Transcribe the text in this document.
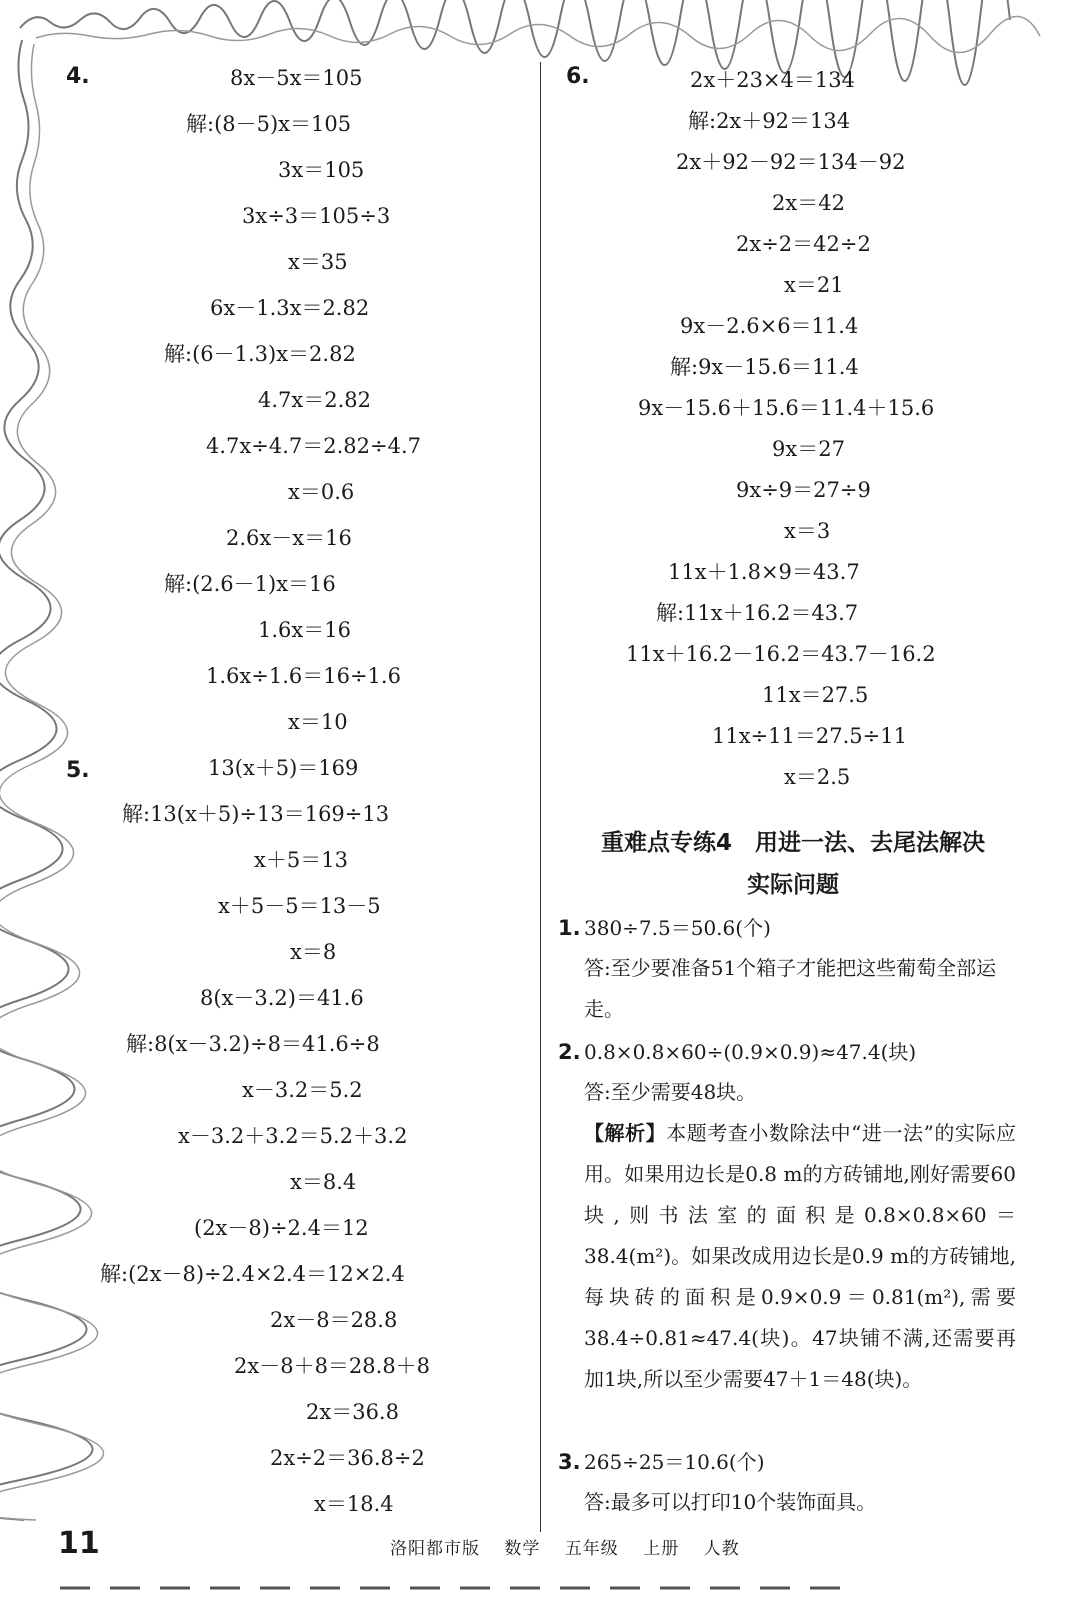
4.	8x－5x＝105
解:(8－5)x＝105
3x＝105
3x÷3＝105÷3
x＝35
6x－1.3x＝2.82
解:(6－1.3)x＝2.82
4.7x＝2.82
4.7x÷4.7＝2.82÷4.7
x＝0.6
2.6x－x＝16
解:(2.6－1)x＝16
1.6x＝16
1.6x÷1.6＝16÷1.6
x＝10
5.	13(x＋5)＝169
解:13(x＋5)÷13＝169÷13
x＋5＝13
x＋5－5＝13－5
x＝8
8(x－3.2)＝41.6
解:8(x－3.2)÷8＝41.6÷8
x－3.2＝5.2
x－3.2＋3.2＝5.2＋3.2
x＝8.4
(2x－8)÷2.4＝12
解:(2x－8)÷2.4×2.4＝12×2.4
2x－8＝28.8
2x－8＋8＝28.8＋8
2x＝36.8
2x÷2＝36.8÷2
x＝18.4
6.	2x＋23×4＝134
解:2x＋92＝134
2x＋92－92＝134－92
2x＝42
2x÷2＝42÷2
x＝21
9x－2.6×6＝11.4
解:9x－15.6＝11.4
9x－15.6＋15.6＝11.4＋15.6
9x＝27
9x÷9＝27÷9
x＝3
11x＋1.8×9＝43.7
解:11x＋16.2＝43.7
11x＋16.2－16.2＝43.7－16.2
11x＝27.5
11x÷11＝27.5÷11
x＝2.5
重难点专练4　用进一法、去尾法解决
实际问题
1. 380÷7.5＝50.6(个)
答:至少要准备51个箱子才能把这些葡萄全部运走。
2. 0.8×0.8×60÷(0.9×0.9)≈47.4(块)
答:至少需要48块。
【解析】本题考查小数除法中“进一法”的实际应用。如果用边长是0.8 m的方砖铺地,刚好需要60块,则书法室的面积是0.8×0.8×60＝38.4(m²)。如果改成用边长是0.9 m的方砖铺地,每块砖的面积是0.9×0.9＝0.81(m²),需要38.4÷0.81≈47.4(块)。47块铺不满,还需要再加1块,所以至少需要47＋1＝48(块)。
3. 265÷25＝10.6(个)
答:最多可以打印10个装饰面具。
11	洛阳都市版 数学 五年级 上册 人教
